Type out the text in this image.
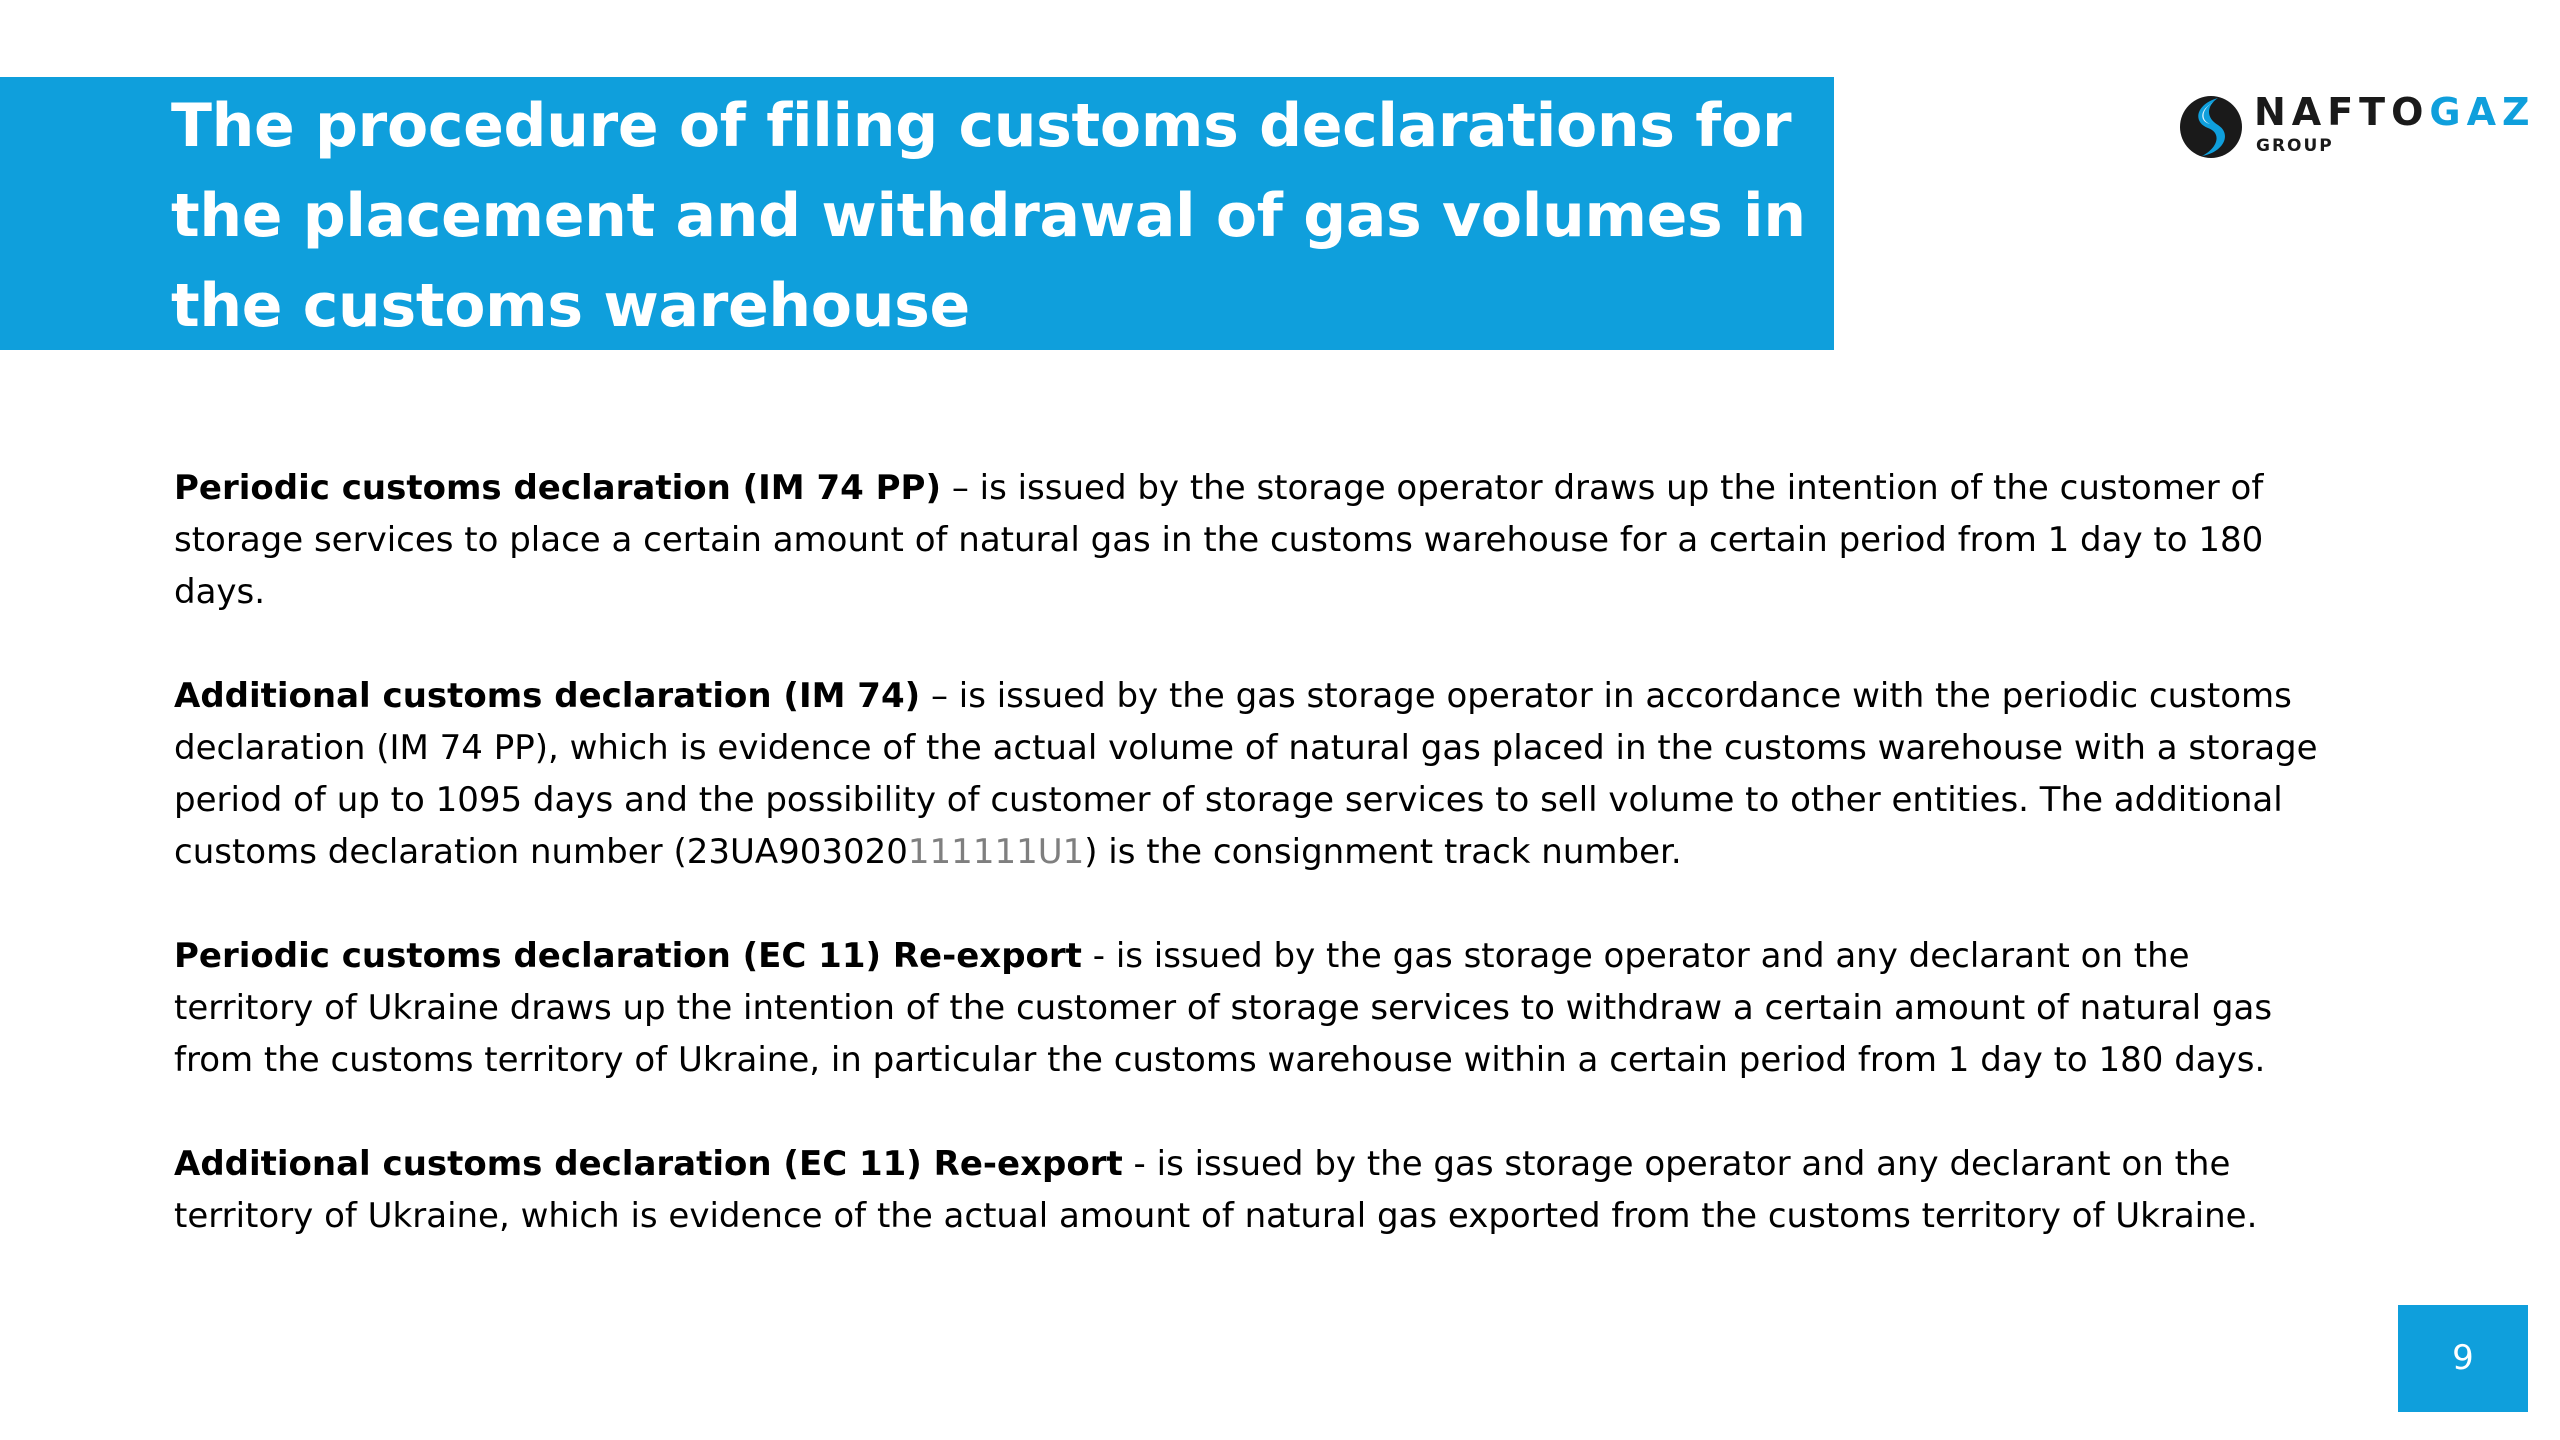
The procedure of filing customs declarations for the placement and withdrawal of gas volumes in the customs warehouse
NAFTOGAZ
GROUP

Periodic customs declaration (IM 74 PP) – is issued by the storage operator draws up the intention of the customer of storage services to place a certain amount of natural gas in the customs warehouse for a certain period from 1 day to 180 days.

Additional customs declaration (IM 74) – is issued by the gas storage operator in accordance with the periodic customs declaration (IM 74 PP), which is evidence of the actual volume of natural gas placed in the customs warehouse with a storage period of up to 1095 days and the possibility of customer of storage services to sell volume to other entities. The additional customs declaration number (23UA903020111111U1) is the consignment track number.

Periodic customs declaration (EC 11) Re-export - is issued by the gas storage operator and any declarant on the territory of Ukraine draws up the intention of the customer of storage services to withdraw a certain amount of natural gas from the customs territory of Ukraine, in particular the customs warehouse within a certain period from 1 day to 180 days.

Additional customs declaration (EC 11) Re-export - is issued by the gas storage operator and any declarant on the territory of Ukraine, which is evidence of the actual amount of natural gas exported from the customs territory of Ukraine.

9
